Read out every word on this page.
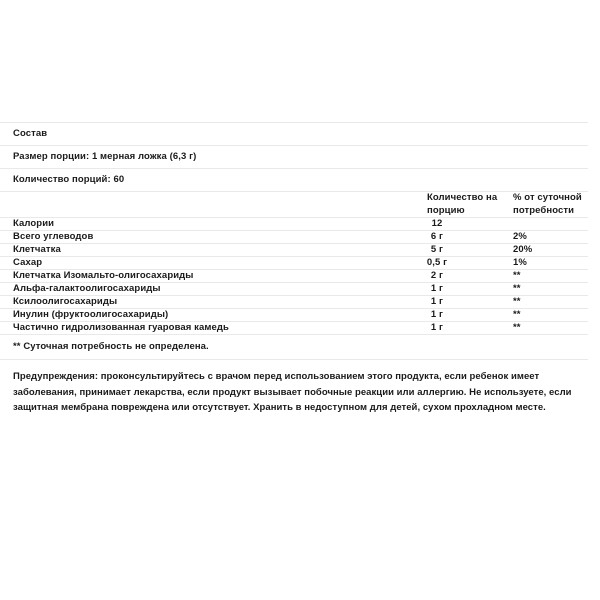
Состав
Размер порции: 1 мерная ложка (6,3 г)
Количество порций: 60
	Количество на порцию	% от суточной потребности
Калории	12	
Всего углеводов	6 г	2%
Клетчатка	5 г	20%
Сахар	0,5 г	1%
Клетчатка Изомальто-олигосахариды	2 г	**
Альфа-галактоолигосахариды	1 г	**
Ксилоолигосахариды	1 г	**
Инулин (фруктоолигосахариды)	1 г	**
Частично гидролизованная гуаровая камедь	1 г	**
** Суточная потребность не определена.
Предупреждения: проконсультируйтесь с врачом перед использованием этого продукта, если ребенок имеет заболевания, принимает лекарства, если продукт вызывает побочные реакции или аллергию. Не используете, если защитная мембрана повреждена или отсутствует. Хранить в недоступном для детей, сухом прохладном месте.
